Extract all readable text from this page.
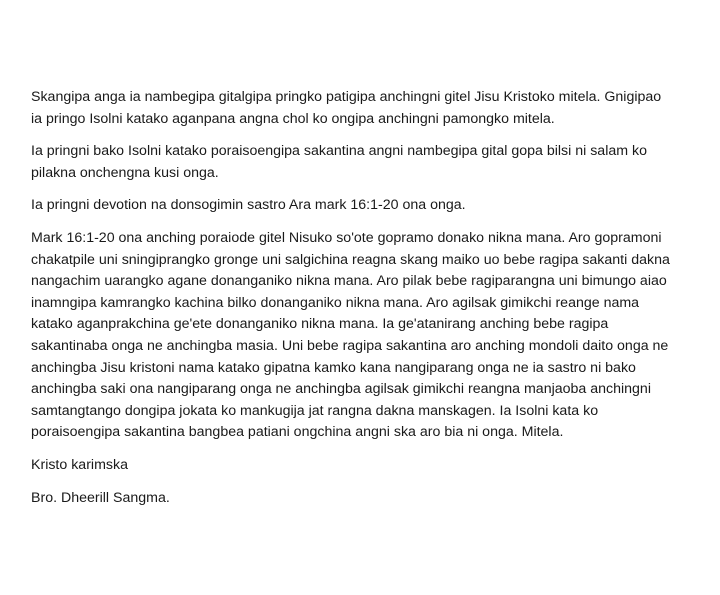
Skangipa anga ia nambegipa gitalgipa pringko patigipa anchingni gitel Jisu Kristoko mitela. Gnigipao
ia pringo Isolni katako aganpana angna chol ko ongipa anchingni pamongko mitela.

Ia pringni bako Isolni katako poraisoengipa sakantina angni nambegipa gital gopa bilsi ni salam ko
pilakna onchengna kusi onga.

Ia pringni devotion na donsogimin sastro Ara mark 16:1-20 ona onga.

Mark 16:1-20 ona anching poraiode gitel Nisuko so'ote gopramo donako nikna mana. Aro gopramoni
chakatpile uni sningiprangko gronge uni salgichina reagna skang maiko uo bebe ragipa sakanti dakna
nangachim uarangko agane donanganiko nikna mana. Aro pilak bebe ragiparangna uni bimungo aiao
inamngipa kamrangko kachina bilko donanganiko nikna mana. Aro agilsak gimikchi reange nama
katako aganprakchina ge'ete donanganiko nikna mana. Ia ge'atanirang anching bebe ragipa
sakantinaba onga ne anchingba masia. Uni bebe ragipa sakantina aro anching mondoli daito onga ne
anchingba Jisu kristoni nama katako gipatna kamko kana nangiparang onga ne ia sastro ni bako
anchingba saki ona nangiparang onga ne anchingba agilsak gimikchi reangna manjaoba anchingni
samtangtango dongipa jokata ko mankugija jat rangna dakna manskagen. Ia Isolni kata ko
poraisoengipa sakantina bangbea patiani ongchina angni ska aro bia ni onga. Mitela.

Kristo karimska

Bro. Dheerill Sangma.
